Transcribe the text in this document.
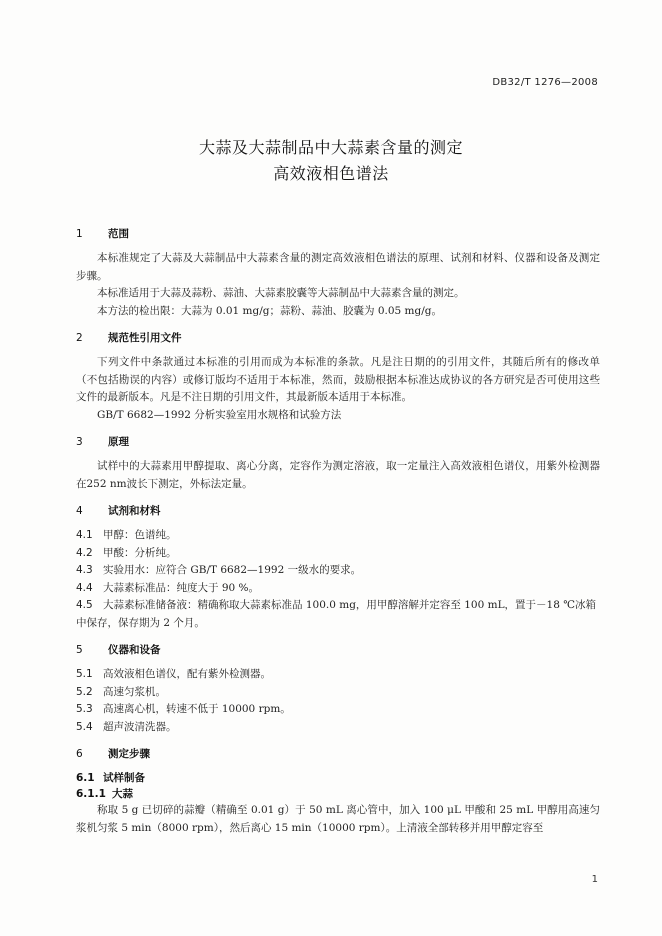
DB32/T 1276—2008
大蒜及大蒜制品中大蒜素含量的测定
高效液相色谱法
1	范围
本标准规定了大蒜及大蒜制品中大蒜素含量的测定高效液相色谱法的原理、试剂和材料、仪器和设备及测定步骤。
本标准适用于大蒜及蒜粉、蒜油、大蒜素胶囊等大蒜制品中大蒜素含量的测定。
本方法的检出限：大蒜为 0.01 mg/g；蒜粉、蒜油、胶囊为 0.05 mg/g。
2	规范性引用文件
下列文件中条款通过本标准的引用而成为本标准的条款。凡是注日期的的引用文件，其随后所有的修改单（不包括勘误的内容）或修订版均不适用于本标准，然而，鼓励根据本标准达成协议的各方研究是否可使用这些文件的最新版本。凡是不注日期的引用文件，其最新版本适用于本标准。
GB/T 6682—1992 分析实验室用水规格和试验方法
3	原理
试样中的大蒜素用甲醇提取、离心分离，定容作为测定溶液，取一定量注入高效液相色谱仪，用紫外检测器在252 nm波长下测定，外标法定量。
4	试剂和材料
4.1 甲醇：色谱纯。
4.2 甲酸：分析纯。
4.3 实验用水：应符合 GB/T 6682—1992 一级水的要求。
4.4 大蒜素标准品：纯度大于 90 %。
4.5 大蒜素标准储备液：精确称取大蒜素标准品 100.0 mg，用甲醇溶解并定容至 100 mL，置于－18 ℃冰箱中保存，保存期为 2 个月。
5	仪器和设备
5.1 高效液相色谱仪，配有紫外检测器。
5.2 高速匀浆机。
5.3 高速离心机，转速不低于 10000 rpm。
5.4 超声波清洗器。
6	测定步骤
6.1 试样制备
6.1.1 大蒜
称取 5 g 已切碎的蒜瓣（精确至 0.01 g）于 50 mL 离心管中，加入 100 μL 甲酸和 25 mL 甲醇用高速匀浆机匀浆 5 min（8000 rpm），然后离心 15 min（10000 rpm）。上清液全部转移并用甲醇定容至
1
